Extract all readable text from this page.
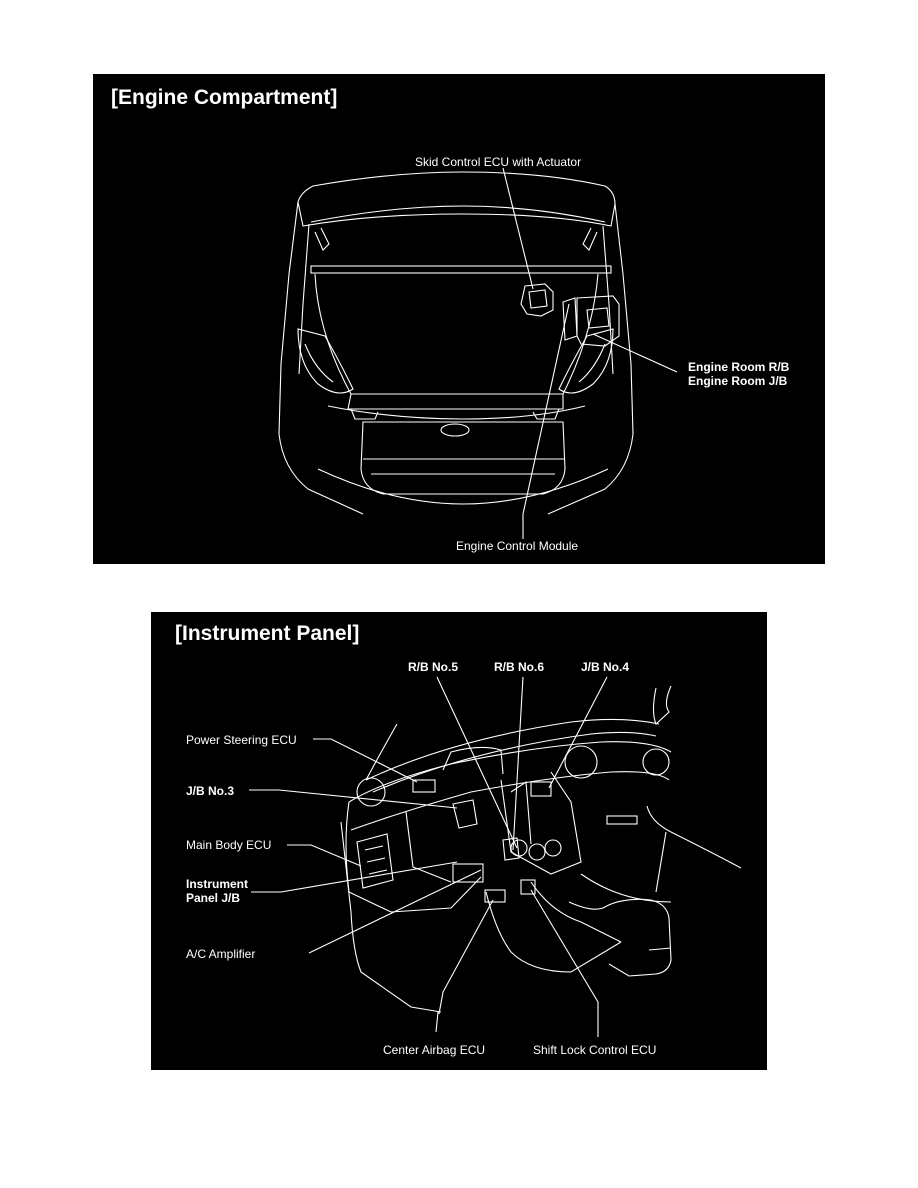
[Engine Compartment]
Skid Control ECU with Actuator
Engine Room R/B
Engine Room J/B
Engine Control Module
[Instrument Panel]
R/B No.5	R/B No.6	J/B No.4
Power Steering ECU
J/B No.3
Main Body ECU
Instrument
Panel J/B
A/C Amplifier
Center Airbag ECU	Shift Lock Control ECU
